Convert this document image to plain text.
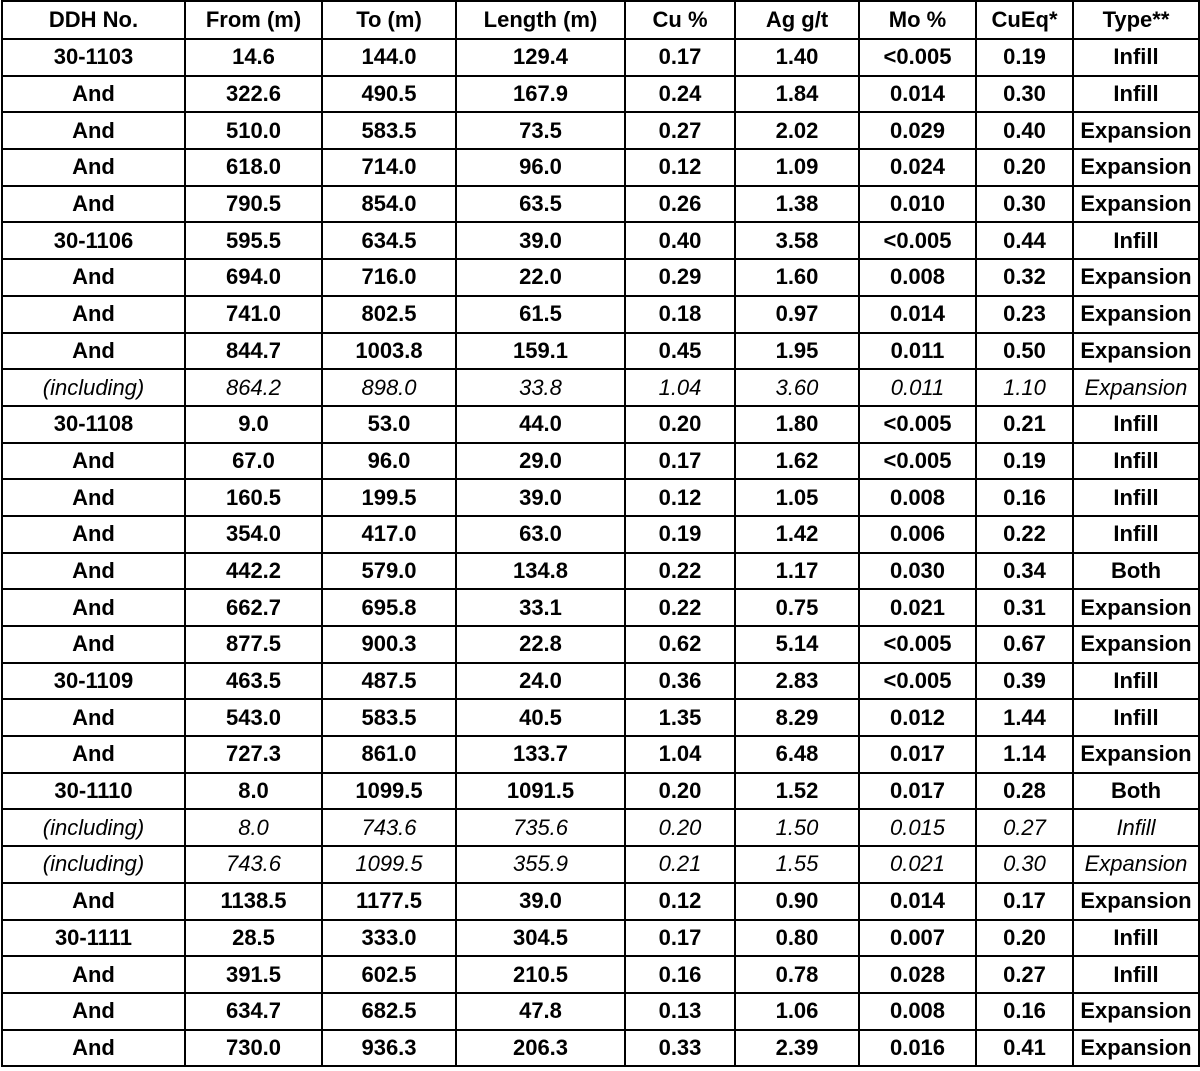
DDH No.	From (m)	To (m)	Length (m)	Cu %	Ag g/t	Mo %	CuEq*	Type**
30-1103	14.6	144.0	129.4	0.17	1.40	<0.005	0.19	Infill
And	322.6	490.5	167.9	0.24	1.84	0.014	0.30	Infill
And	510.0	583.5	73.5	0.27	2.02	0.029	0.40	Expansion
And	618.0	714.0	96.0	0.12	1.09	0.024	0.20	Expansion
And	790.5	854.0	63.5	0.26	1.38	0.010	0.30	Expansion
30-1106	595.5	634.5	39.0	0.40	3.58	<0.005	0.44	Infill
And	694.0	716.0	22.0	0.29	1.60	0.008	0.32	Expansion
And	741.0	802.5	61.5	0.18	0.97	0.014	0.23	Expansion
And	844.7	1003.8	159.1	0.45	1.95	0.011	0.50	Expansion
(including)	864.2	898.0	33.8	1.04	3.60	0.011	1.10	Expansion
30-1108	9.0	53.0	44.0	0.20	1.80	<0.005	0.21	Infill
And	67.0	96.0	29.0	0.17	1.62	<0.005	0.19	Infill
And	160.5	199.5	39.0	0.12	1.05	0.008	0.16	Infill
And	354.0	417.0	63.0	0.19	1.42	0.006	0.22	Infill
And	442.2	579.0	134.8	0.22	1.17	0.030	0.34	Both
And	662.7	695.8	33.1	0.22	0.75	0.021	0.31	Expansion
And	877.5	900.3	22.8	0.62	5.14	<0.005	0.67	Expansion
30-1109	463.5	487.5	24.0	0.36	2.83	<0.005	0.39	Infill
And	543.0	583.5	40.5	1.35	8.29	0.012	1.44	Infill
And	727.3	861.0	133.7	1.04	6.48	0.017	1.14	Expansion
30-1110	8.0	1099.5	1091.5	0.20	1.52	0.017	0.28	Both
(including)	8.0	743.6	735.6	0.20	1.50	0.015	0.27	Infill
(including)	743.6	1099.5	355.9	0.21	1.55	0.021	0.30	Expansion
And	1138.5	1177.5	39.0	0.12	0.90	0.014	0.17	Expansion
30-1111	28.5	333.0	304.5	0.17	0.80	0.007	0.20	Infill
And	391.5	602.5	210.5	0.16	0.78	0.028	0.27	Infill
And	634.7	682.5	47.8	0.13	1.06	0.008	0.16	Expansion
And	730.0	936.3	206.3	0.33	2.39	0.016	0.41	Expansion
